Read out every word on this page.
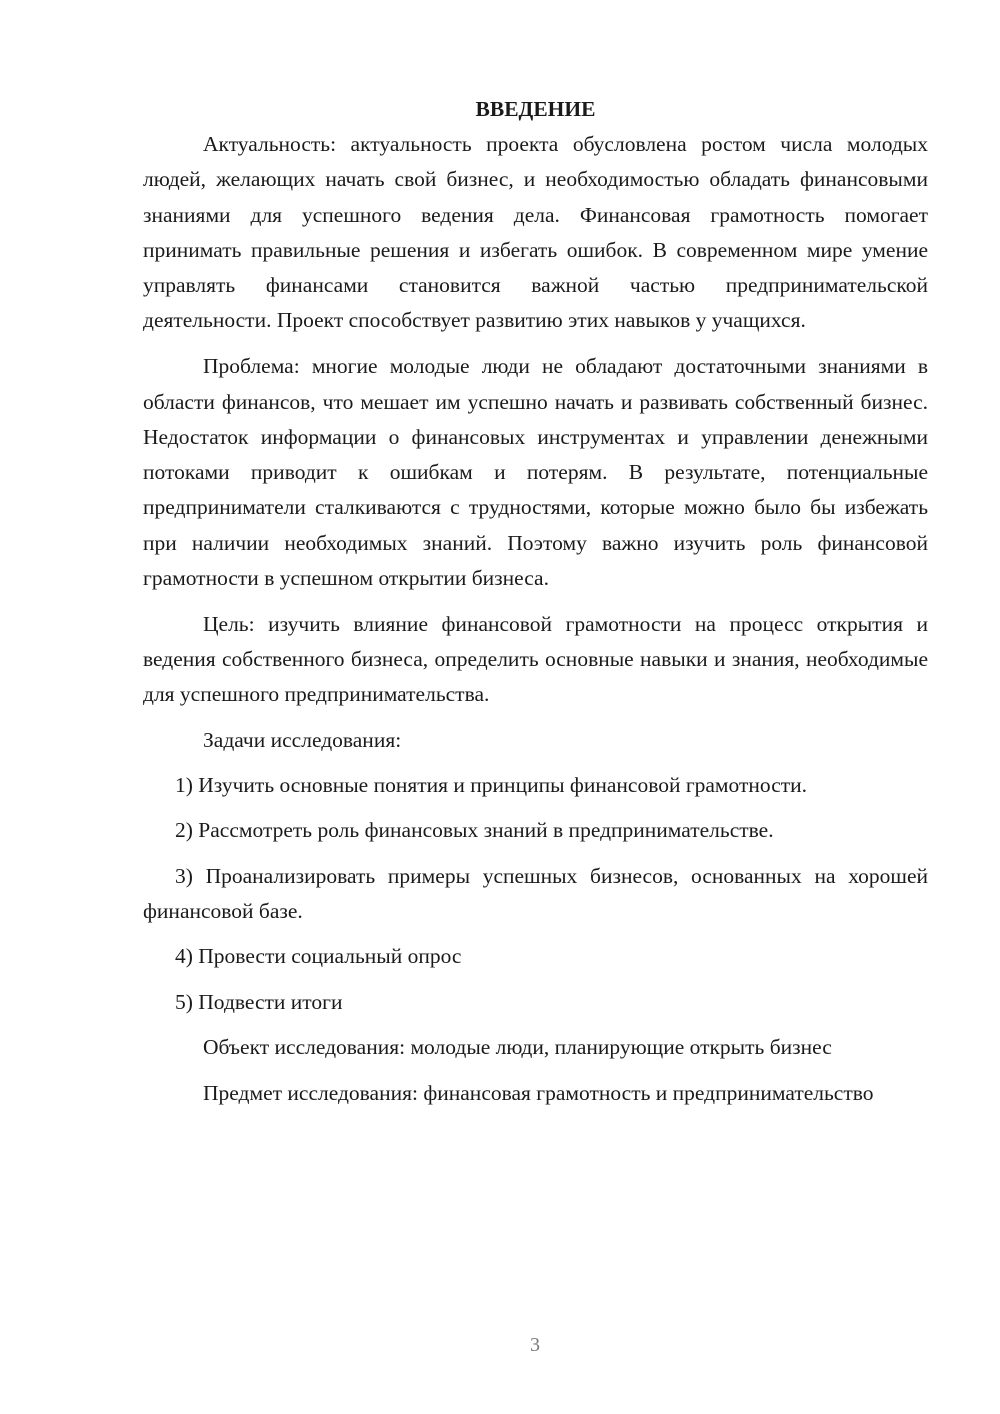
ВВЕДЕНИЕ

Актуальность: актуальность проекта обусловлена ростом числа молодых людей, желающих начать свой бизнес, и необходимостью обладать финансовыми знаниями для успешного ведения дела. Финансовая грамотность помогает принимать правильные решения и избегать ошибок. В современном мире умение управлять финансами становится важной частью предпринимательской деятельности. Проект способствует развитию этих навыков у учащихся.

Проблема: многие молодые люди не обладают достаточными знаниями в области финансов, что мешает им успешно начать и развивать собственный бизнес. Недостаток информации о финансовых инструментах и управлении денежными потоками приводит к ошибкам и потерям. В результате, потенциальные предприниматели сталкиваются с трудностями, которые можно было бы избежать при наличии необходимых знаний. Поэтому важно изучить роль финансовой грамотности в успешном открытии бизнеса.

Цель: изучить влияние финансовой грамотности на процесс открытия и ведения собственного бизнеса, определить основные навыки и знания, необходимые для успешного предпринимательства.

Задачи исследования:

1) Изучить основные понятия и принципы финансовой грамотности.

2) Рассмотреть роль финансовых знаний в предпринимательстве.

3) Проанализировать примеры успешных бизнесов, основанных на хорошей финансовой базе.

4) Провести социальный опрос

5) Подвести итоги

Объект исследования: молодые люди, планирующие открыть бизнес

Предмет исследования: финансовая грамотность и предпринимательство

3
